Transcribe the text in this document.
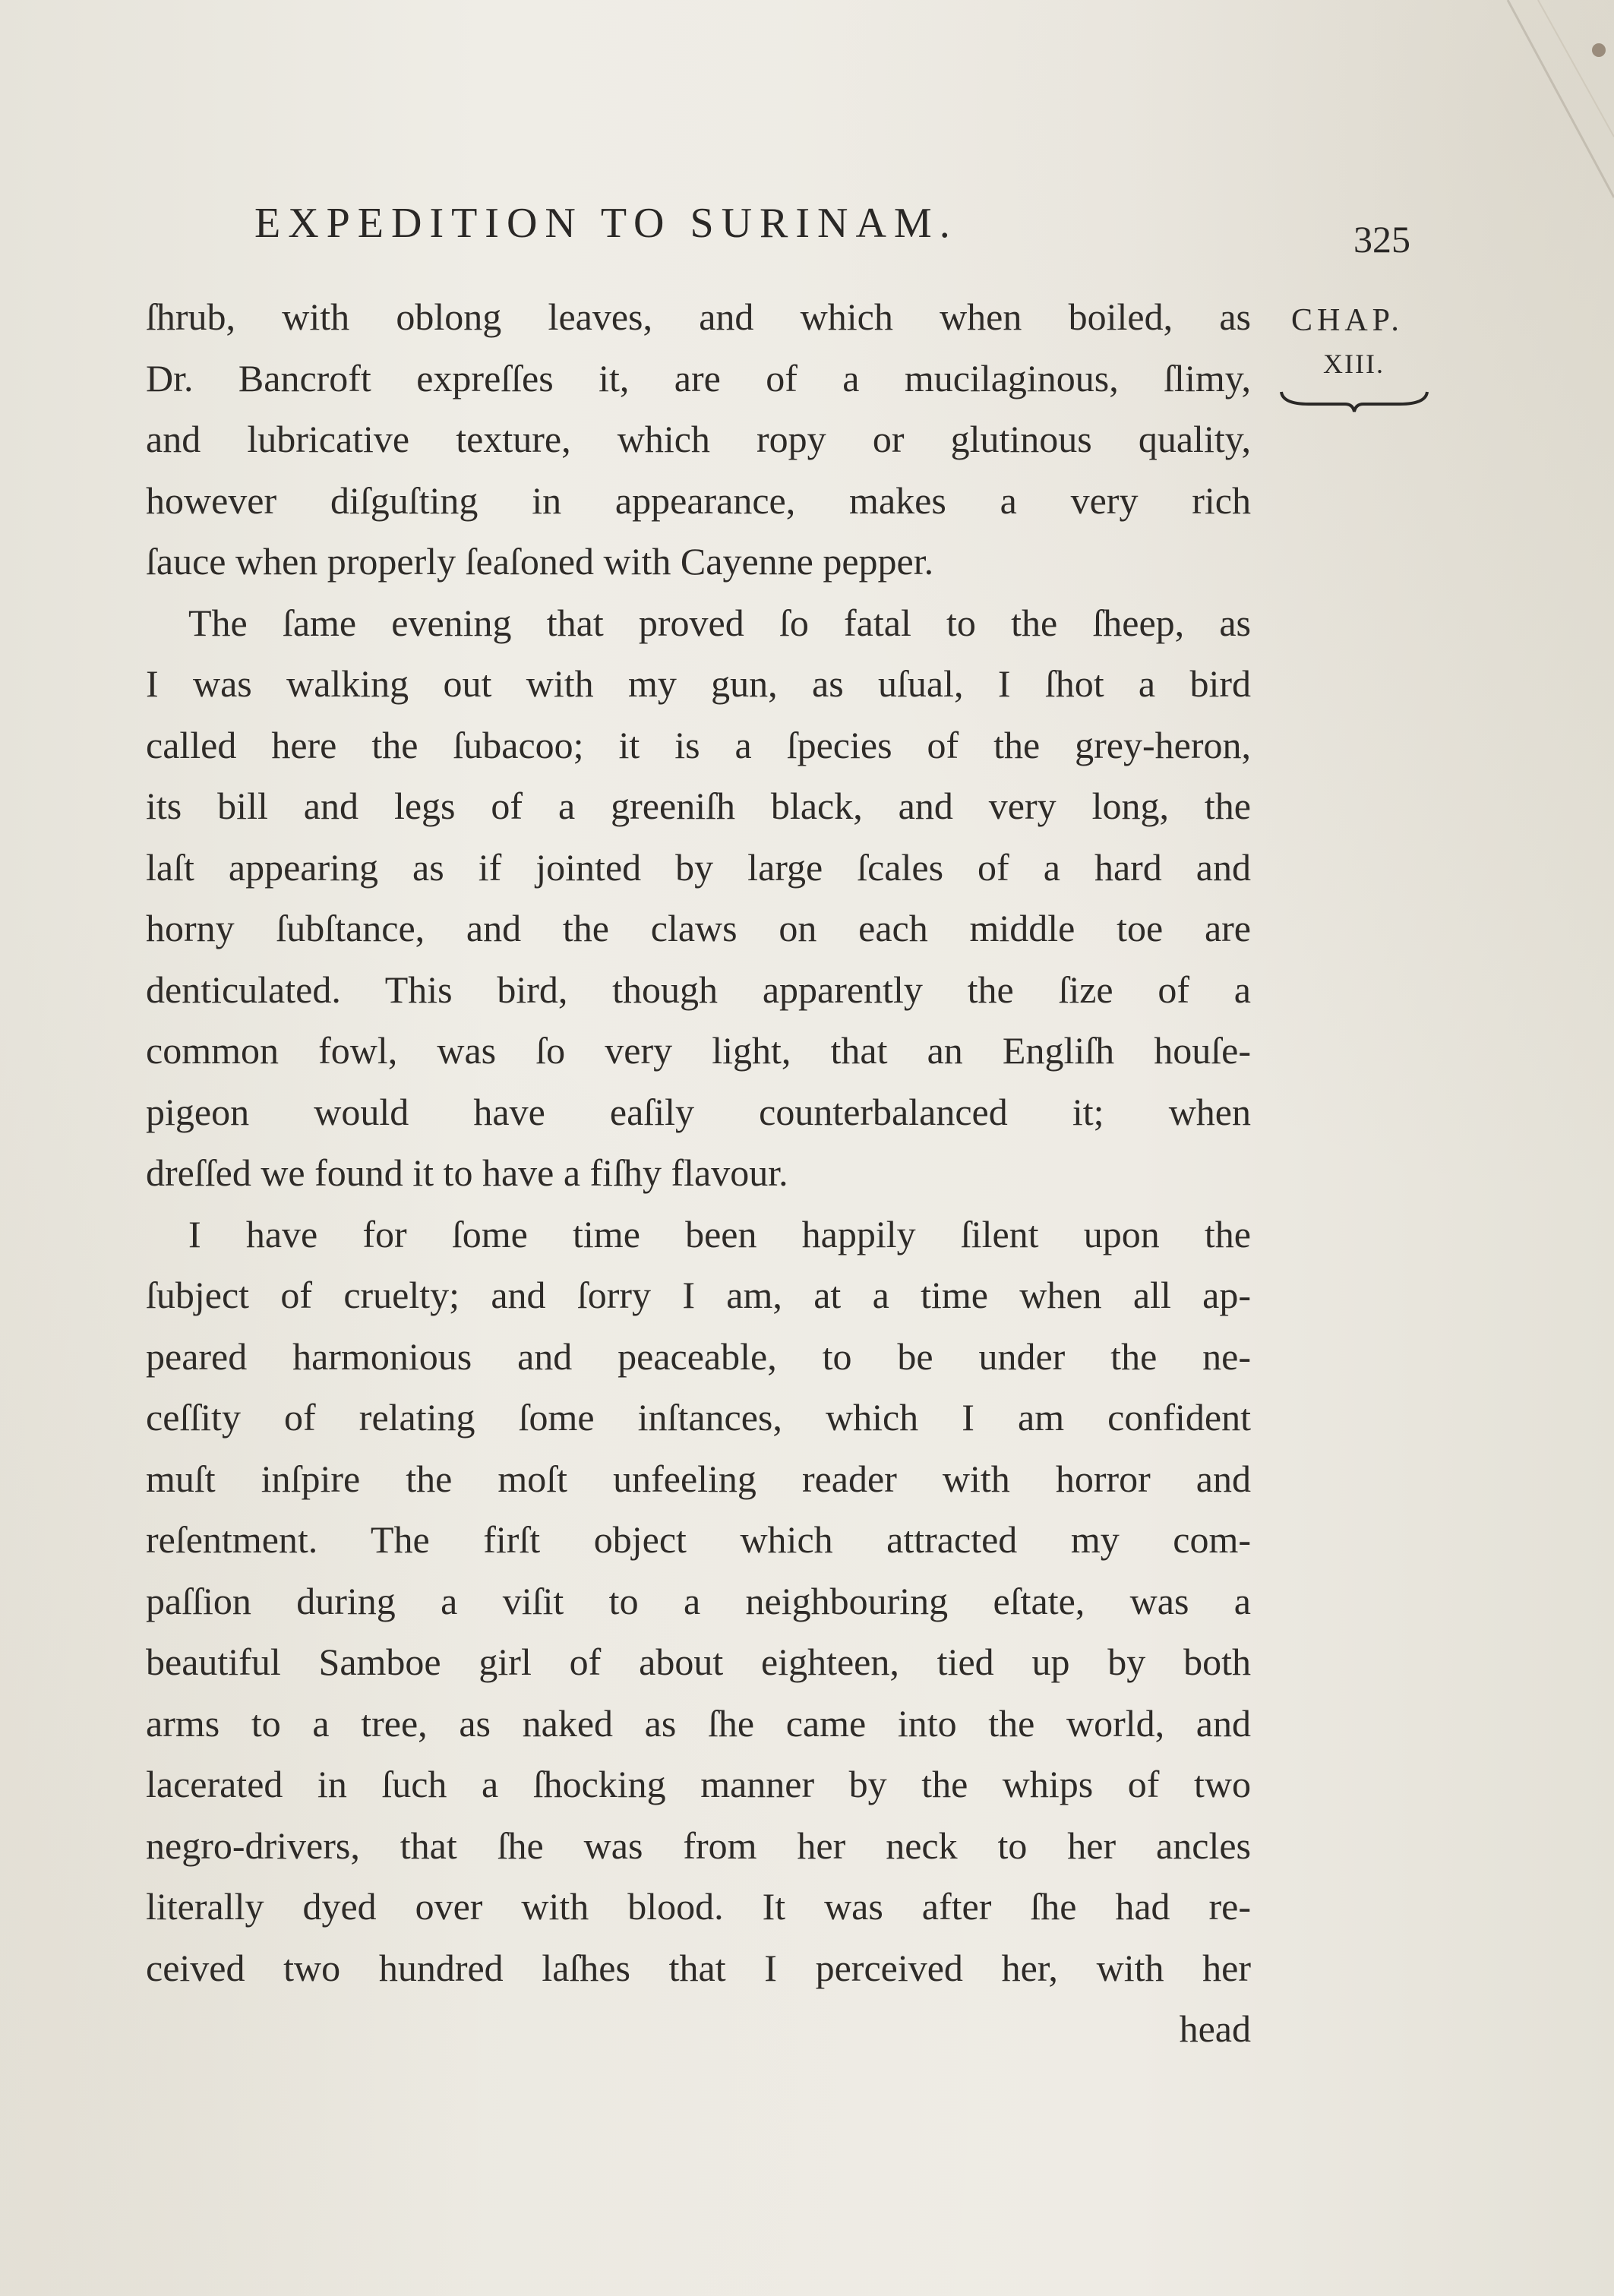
EXPEDITION TO SURINAM.	325
CHAP.
XIII.
ſhrub, with oblong leaves, and which when boiled, as
Dr. Bancroft expreſſes it, are of a mucilaginous, ſlimy,
and lubricative texture, which ropy or glutinous quality,
however diſguſting in appearance, makes a very rich
ſauce when properly ſeaſoned with Cayenne pepper.
The ſame evening that proved ſo fatal to the ſheep, as
I was walking out with my gun, as uſual, I ſhot a bird
called here the ſubacoo; it is a ſpecies of the grey-heron,
its bill and legs of a greeniſh black, and very long, the
laſt appearing as if jointed by large ſcales of a hard and
horny ſubſtance, and the claws on each middle toe are
denticulated. This bird, though apparently the ſize of a
common fowl, was ſo very light, that an Engliſh houſe-
pigeon would have eaſily counterbalanced it; when
dreſſed we found it to have a fiſhy flavour.
I have for ſome time been happily ſilent upon the
ſubject of cruelty; and ſorry I am, at a time when all ap-
peared harmonious and peaceable, to be under the ne-
ceſſity of relating ſome inſtances, which I am confident
muſt inſpire the moſt unfeeling reader with horror and
reſentment. The firſt object which attracted my com-
paſſion during a viſit to a neighbouring eſtate, was a
beautiful Samboe girl of about eighteen, tied up by both
arms to a tree, as naked as ſhe came into the world, and
lacerated in ſuch a ſhocking manner by the whips of two
negro-drivers, that ſhe was from her neck to her ancles
literally dyed over with blood. It was after ſhe had re-
ceived two hundred laſhes that I perceived her, with her
head
